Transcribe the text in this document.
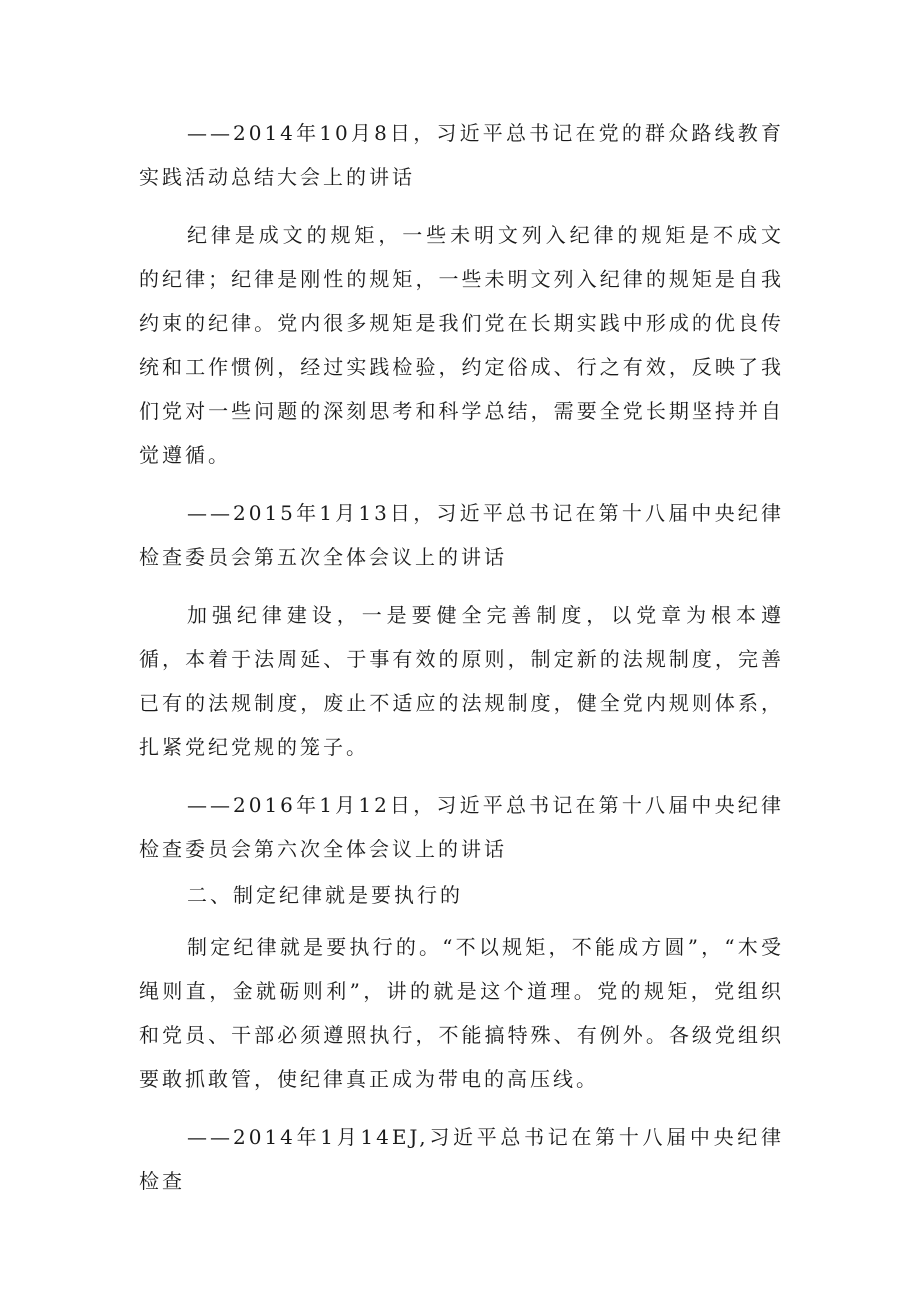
——2014年10月8日，习近平总书记在党的群众路线教育实践活动总结大会上的讲话

纪律是成文的规矩，一些未明文列入纪律的规矩是不成文的纪律；纪律是刚性的规矩，一些未明文列入纪律的规矩是自我约束的纪律。党内很多规矩是我们党在长期实践中形成的优良传统和工作惯例，经过实践检验，约定俗成、行之有效，反映了我们党对一些问题的深刻思考和科学总结，需要全党长期坚持并自觉遵循。

——2015年1月13日，习近平总书记在第十八届中央纪律检查委员会第五次全体会议上的讲话

加强纪律建设，一是要健全完善制度，以党章为根本遵循，本着于法周延、于事有效的原则，制定新的法规制度，完善已有的法规制度，废止不适应的法规制度，健全党内规则体系，扎紧党纪党规的笼子。

——2016年1月12日，习近平总书记在第十八届中央纪律检查委员会第六次全体会议上的讲话

二、制定纪律就是要执行的

制定纪律就是要执行的。“不以规矩，不能成方圆”，“木受绳则直，金就砺则利”，讲的就是这个道理。党的规矩，党组织和党员、干部必须遵照执行，不能搞特殊、有例外。各级党组织要敢抓敢管，使纪律真正成为带电的高压线。

——2014年1月14EJ,习近平总书记在第十八届中央纪律检查
